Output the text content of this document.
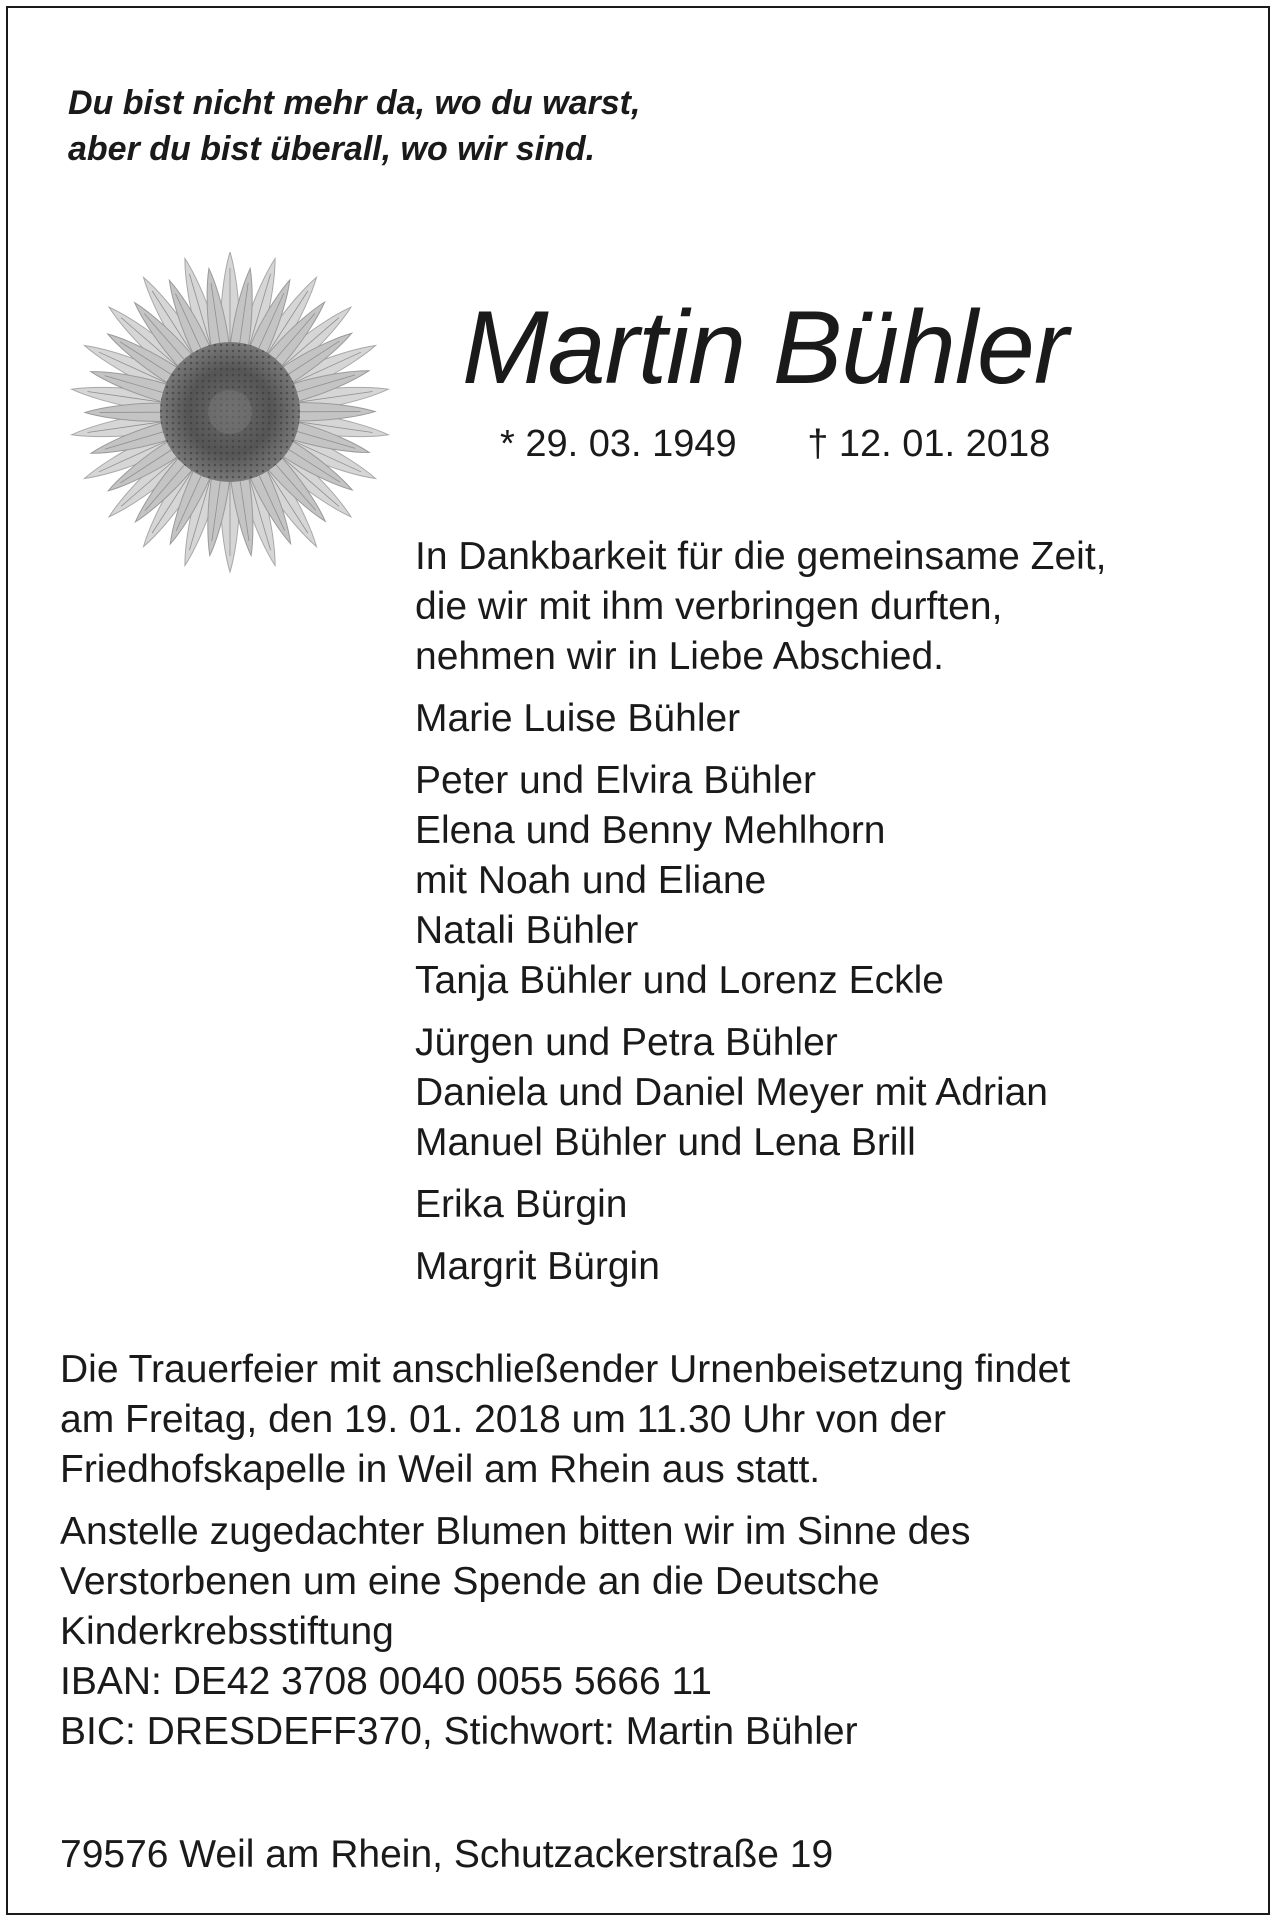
Du bist nicht mehr da, wo du warst,
aber du bist überall, wo wir sind.
Martin Bühler
* 29. 03. 1949 † 12. 01. 2018
In Dankbarkeit für die gemeinsame Zeit,
die wir mit ihm verbringen durften,
nehmen wir in Liebe Abschied.
Marie Luise Bühler
Peter und Elvira Bühler
Elena und Benny Mehlhorn
mit Noah und Eliane
Natali Bühler
Tanja Bühler und Lorenz Eckle
Jürgen und Petra Bühler
Daniela und Daniel Meyer mit Adrian
Manuel Bühler und Lena Brill
Erika Bürgin
Margrit Bürgin
Die Trauerfeier mit anschließender Urnenbeisetzung findet
am Freitag, den 19. 01. 2018 um 11.30 Uhr von der
Friedhofskapelle in Weil am Rhein aus statt.
Anstelle zugedachter Blumen bitten wir im Sinne des
Verstorbenen um eine Spende an die Deutsche
Kinderkrebsstiftung
IBAN: DE42 3708 0040 0055 5666 11
BIC: DRESDEFF370, Stichwort: Martin Bühler
79576 Weil am Rhein, Schutzackerstraße 19
